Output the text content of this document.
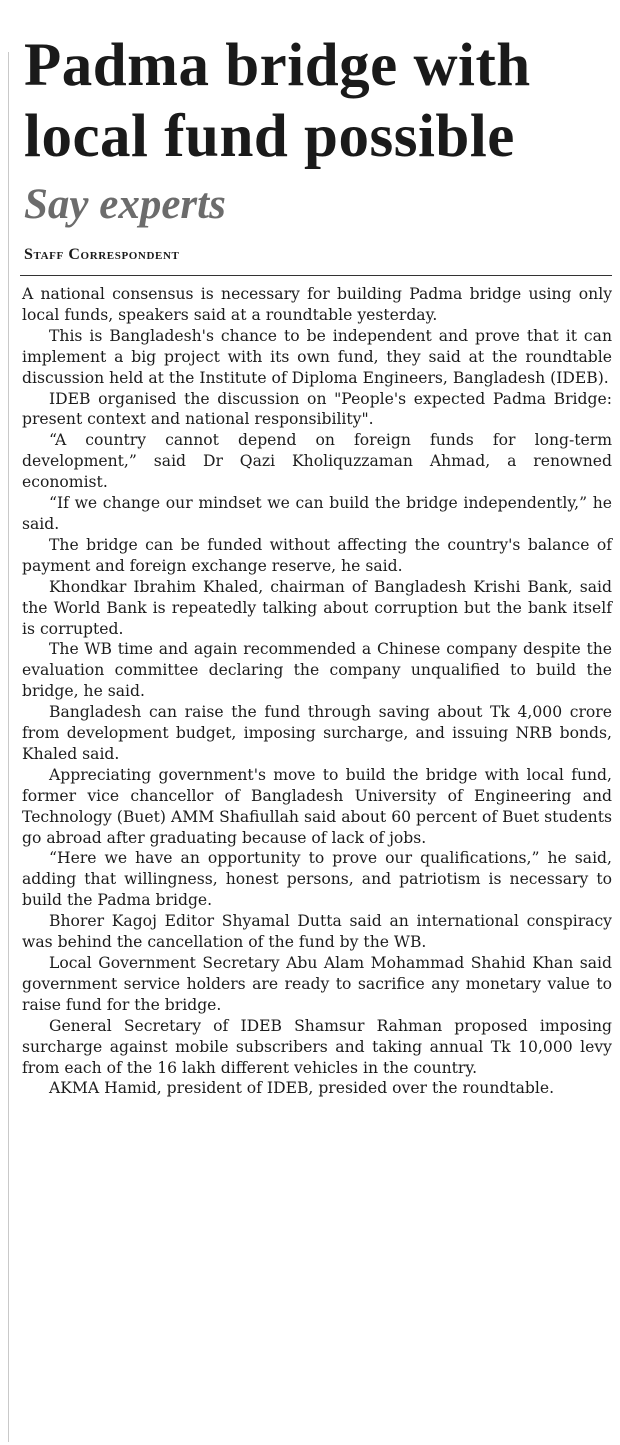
Padma bridge with local fund possible
Say experts
Staff Correspondent

A national consensus is necessary for building Padma bridge using only local funds, speakers said at a roundtable yesterday.

This is Bangladesh's chance to be independent and prove that it can implement a big project with its own fund, they said at the roundtable discussion held at the Institute of Diploma Engineers, Bangladesh (IDEB).

IDEB organised the discussion on "People's expected Padma Bridge: present context and national responsibility".

“A country cannot depend on foreign funds for long-term development,” said Dr Qazi Kholiquzzaman Ahmad, a renowned economist.

“If we change our mindset we can build the bridge independently,” he said.

The bridge can be funded without affecting the country's balance of payment and foreign exchange reserve, he said.

Khondkar Ibrahim Khaled, chairman of Bangladesh Krishi Bank, said the World Bank is repeatedly talking about corruption but the bank itself is corrupted.

The WB time and again recommended a Chinese company despite the evaluation committee declaring the company unqualified to build the bridge, he said.

Bangladesh can raise the fund through saving about Tk 4,000 crore from development budget, imposing surcharge, and issuing NRB bonds, Khaled said.

Appreciating government's move to build the bridge with local fund, former vice chancellor of Bangladesh University of Engineering and Technology (Buet) AMM Shafiullah said about 60 percent of Buet students go abroad after graduating because of lack of jobs.

“Here we have an opportunity to prove our qualifications,” he said, adding that willingness, honest persons, and patriotism is necessary to build the Padma bridge.

Bhorer Kagoj Editor Shyamal Dutta said an international conspiracy was behind the cancellation of the fund by the WB.

Local Government Secretary Abu Alam Mohammad Shahid Khan said government service holders are ready to sacrifice any monetary value to raise fund for the bridge.

General Secretary of IDEB Shamsur Rahman proposed imposing surcharge against mobile subscribers and taking annual Tk 10,000 levy from each of the 16 lakh different vehicles in the country.

AKMA Hamid, president of IDEB, presided over the roundtable.
